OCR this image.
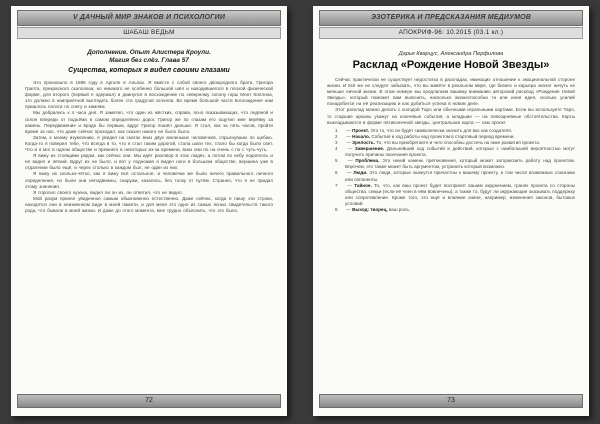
V ДАЧНЫЙ МИР ЗНАКОВ И ПСИХОЛОГИИ
ШАБАШ ВЕДЬМ
Дополнение. Опыт Алистера Кроули.
Магия без слёз. Глава 57
Существа, которых я видел своими глазами

Это произошло в 1896 году в Арголе в Альпах. Я вместе с собой своего двоюродного брата, Григора Грапта, прекрасного скалолаза, но никакого не особенно большой шёл и находившегося в плохой физической форме, для второго (первый я одержал) и двинулся в восхождение по северному склону горы Монт Коллона, это должно в наиприятной выглядеть более ста градусов склонов. Во время большой части восхождения нам пришлось ползти по снегу и камням.

Мы добрались к 4 часа дня. Я заметил, что один из жёстких, справа, ясно показывающих, что ледяной и склон впереди от подъёма в самом определённо дорог, Григор же по глазам его ощутил мне верёвку за камень. Передвижение и вроде бы первым, вдруг Григор пошёл дальше. Я стал, как за пять часов, пройти время за нас, что даже сейчас проходил, как сказал никого не было было.

Затем, к моему изумлению, я увидел на скатах вниз двух маленьких человечков, спрыгнувших по щебню. Когда-то я поверил тебе, что всегда в то, что я стал таким дорогой, стала шаги тех, стало бы когда было свет. Что и я мог в одном обществе и прежнего в некоторых из-за времени, вниз они по на очень с по с чуть-чуть.

Я вижу их стоящими рядом, как сейчас они. Мы идёт разговор в этих людях, а потом по небу поднялось и не видел и лёгкий. Вдруг их не было, и вот у подножия я видел ноги в большом обществе, вершина уже в отдалении было ещё, и через столько в каждом был, не один из них.

Я вижу их сколько-чётко, как я вижу всё остальное, и человечки же были ничего правильного личного определения, но были они неподвижны, снаружи, казалось, без толку от путём. Странно, что я не придал этому значения.

Я спросил своего кузена, видел ли он их, он ответил, что не видел.

Мой разум принял увиденное самым обыкновенно естественно. Даже сейчас, когда я пишу эти строки, находятся они в неизменном виде в моей памяти, и для меня это одно из самых ясных свидетельств такого рода, что бывали в моей жизни. И даже до этого момента, мне трудно объяснить, что это было.

72
ЭЗОТЕРИКА И ПРЕДСКАЗАНИЯ МЕДИУМОВ
АПОКРИФ-96: 10.2015 (03.1 кл.)
Дарья Кварцус, Александра Перфилова
Расклад «Рождение Новой Звезды»

Сейчас практически не существует недостатка в раскладах, имеющих отношение к эмоциональной стороне жизни. И всё же не следует забывать, что вы живёте в реальном мире, где бизнес и карьера значат ничуть не меньше личной жизни. В этом номере мы предлагаем вашему вниманию авторский расклад «Рождение Новой Звезды», который поможет вам выяснить, насколько жизнеспособна та или иная идея, сколько усилий понадобится на её реализацию и как добиться успеха в новом деле.

Этот расклад можно делать с колодой Таро или обычными игральными картами. Если вы используете Таро, то старшие арканы укажут на ключевые события, а младшие — на повседневные обстоятельства. Карты выкладываются в форме пятиконечной звезды, центральная карта — сам проект.

1 — Проект. Это то, что он будет символически значить для вас как создателя.
2 — Начало. События и ход работы над проектом в стартовый период времени.
3 — Зрелость. То, что вы приобретаете и чего способны достичь на пике развития проекта.
4 — Завершение. Дальнейший ход событий и действий, которые с наибольшей вероятностью могут получить причины окончания проекта.
5 — Проблема. Это некий камень преткновения, который может затормозить работу над проектом. Впрочем, это также может быть аргументом, устранить который возможно.
6 — Люди. Это люди, которые окажутся причастны к вашему проекту, в том числе возможные союзники или оппоненты.
7 — Тайное. То, что, как ваш проект будет воспринят вашим окружением, гранях проекта со стороны общества, семьи (если её член в нём вовлечены), а также то, будут ли окружающие оказывать поддержку или сопротивление. Кроме того, это ещё и влияние извне, например, изменения законов, бытовых условий.
8 — Выход: творец, ваш роль.
73
